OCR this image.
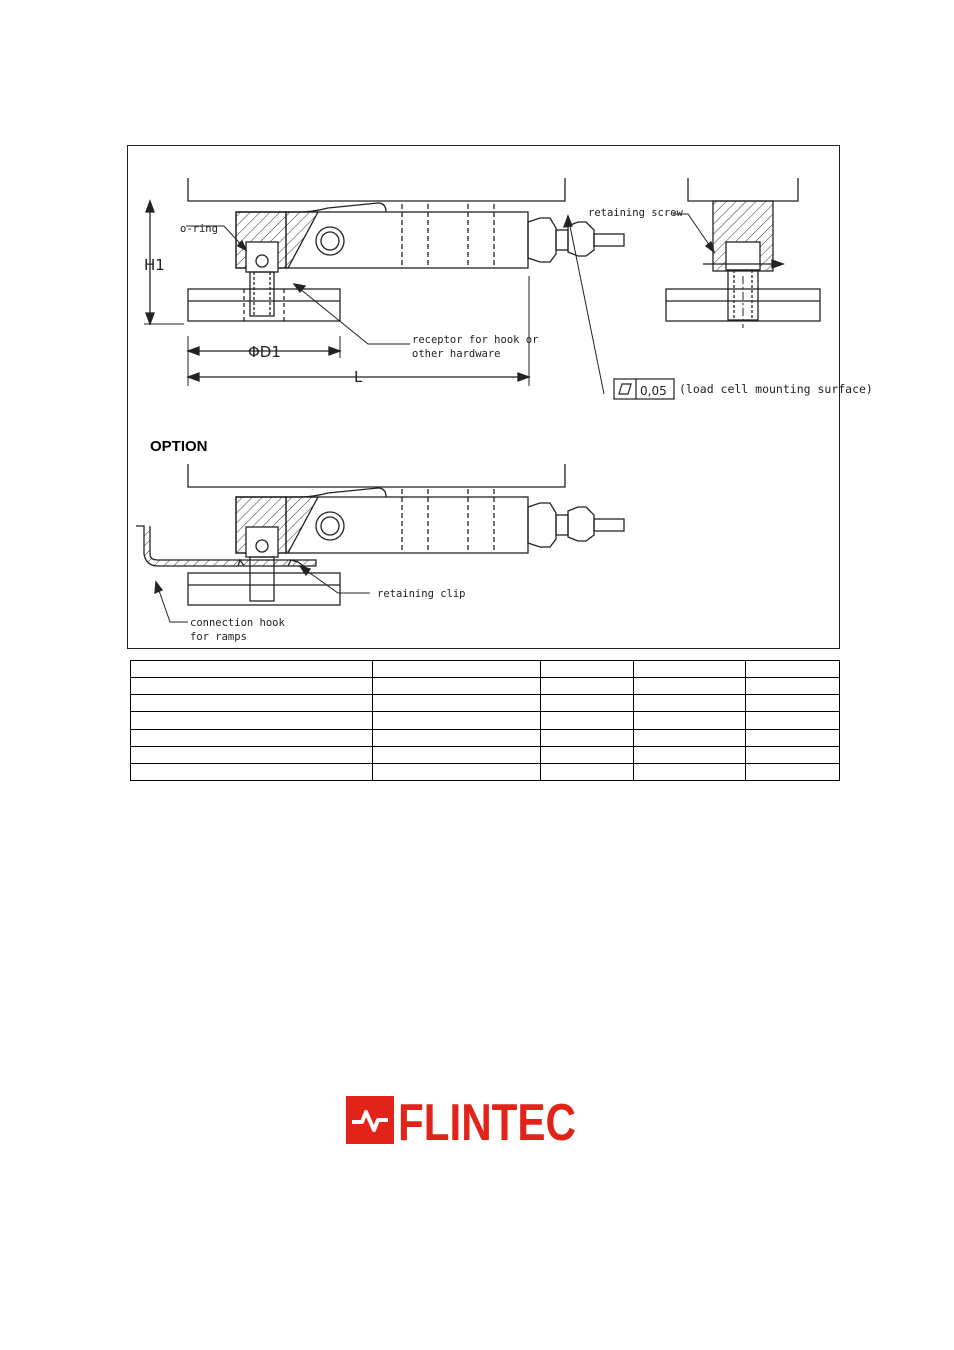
o-ring
H1
ΦD1
L
receptor for hook or
other hardware
retaining screw
0,05 (load cell mounting surface)
OPTION
retaining clip
connection hook
for ramps

FLINTEC
